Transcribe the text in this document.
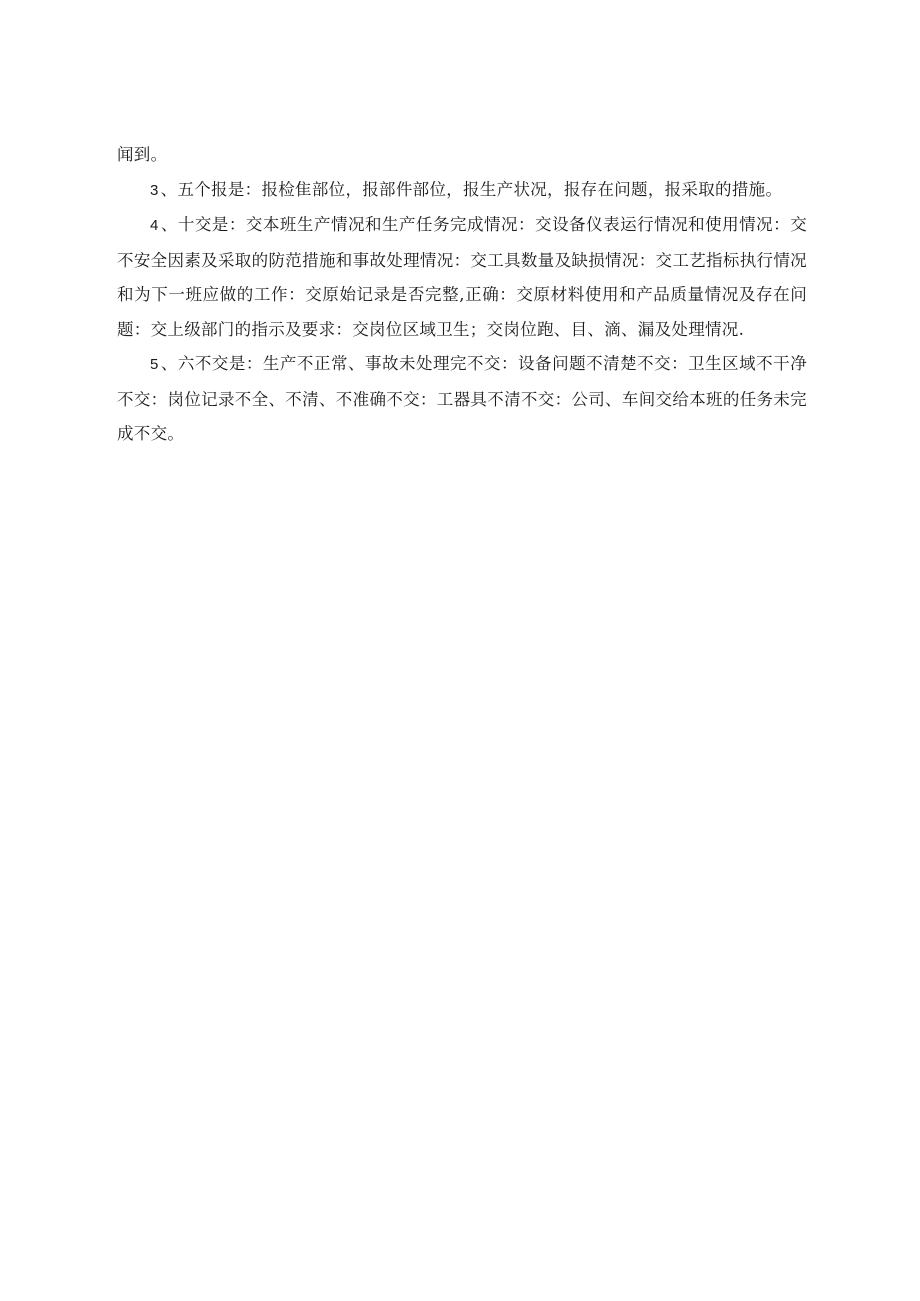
闻到。

3 、五个报是：报检隹部位，报部件部位，报生产状况，报存在问题，报采取的措施。

4 、十交是：交本班生产情况和生产任务完成情况：交设备仪表运行情况和使用情况：交不安全因素及采取的防范措施和事故处理情况：交工具数量及缺损情况：交工艺指标执行情况和为下一班应做的工作：交原始记录是否完整,正确：交原材料使用和产品质量情况及存在问题：交上级部门的指示及要求：交岗位区域卫生；交岗位跑、目、滴、漏及处理情况.

5 、六不交是：生产不正常、事故未处理完不交：设备问题不清楚不交：卫生区域不干净不交：岗位记录不全、不清、不准确不交：工器具不清不交：公司、车间交给本班的任务未完成不交。
